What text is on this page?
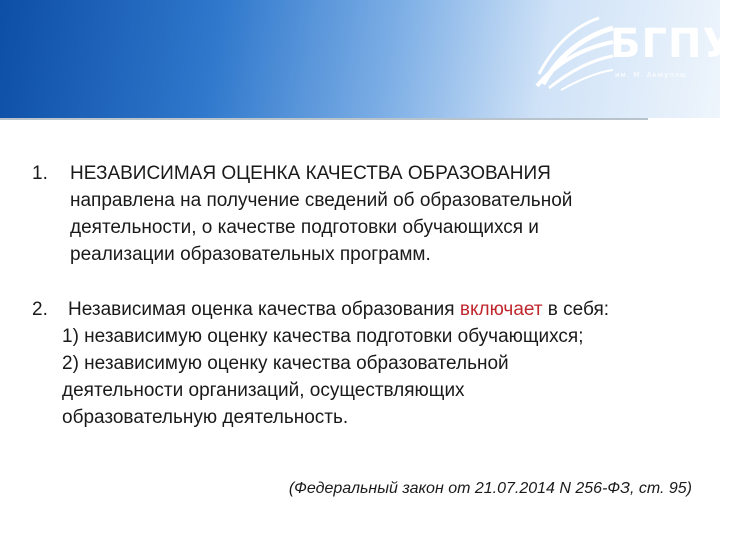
БГПУ
им. М. Акмуллы
1. НЕЗАВИСИМАЯ ОЦЕНКА КАЧЕСТВА ОБРАЗОВАНИЯ
направлена на получение сведений об образовательной
деятельности, о качестве подготовки обучающихся и
реализации образовательных программ.
2. Независимая оценка качества образования включает в себя:
1) независимую оценку качества подготовки обучающихся;
2) независимую оценку качества образовательной
деятельности организаций, осуществляющих
образовательную деятельность.
(Федеральный закон от 21.07.2014 N 256-ФЗ, ст. 95)
